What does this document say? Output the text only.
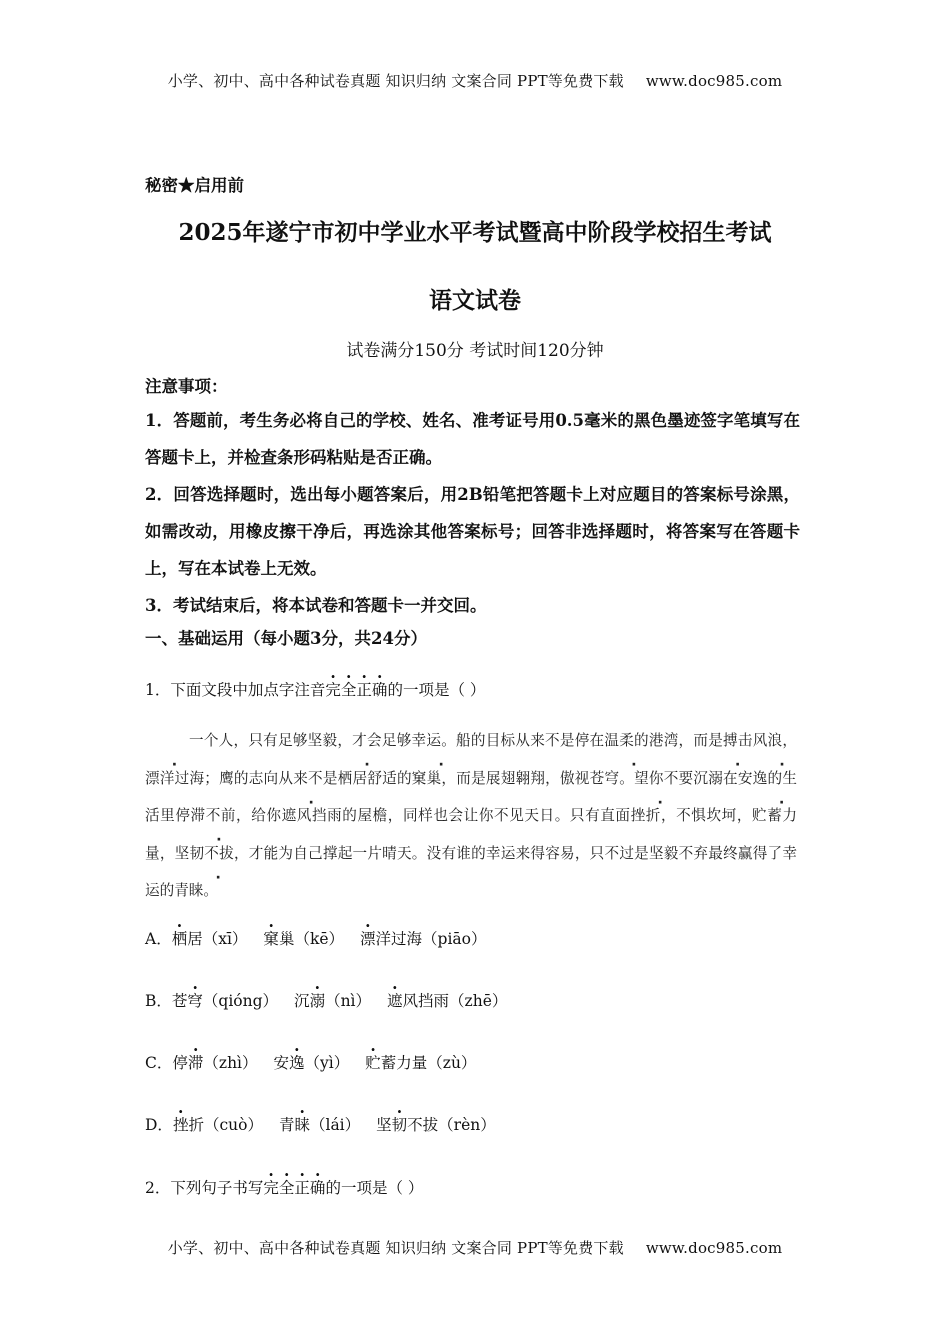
小学、初中、高中各种试卷真题 知识归纳 文案合同 PPT等免费下载 www.doc985.com
秘密★启用前
2025年遂宁市初中学业水平考试暨高中阶段学校招生考试
语文试卷
试卷满分150分 考试时间120分钟
注意事项：

1．答题前，考生务必将自己的学校、姓名、准考证号用0.5毫米的黑色墨迹签字笔填写在答题卡上，并检查条形码粘贴是否正确。

2．回答选择题时，选出每小题答案后，用2B铅笔把答题卡上对应题目的答案标号涂黑，如需改动，用橡皮擦干净后，再选涂其他答案标号；回答非选择题时，将答案写在答题卡上，写在本试卷上无效。

3．考试结束后，将本试卷和答题卡一并交回。

一、基础运用（每小题3分，共24分）
1．下面文段中加点字注音完全正确的一项是（ ）

一个人，只有足够坚毅，才会足够幸运。船的目标从来不是停在温柔的港湾，而是搏击风浪，漂洋过海；鹰的志向从来不是栖居舒适的窠巢，而是展翅翱翔，傲视苍穹。望你不要沉溺在安逸的生活里停滞不前，给你遮风挡雨的屋檐，同样也会让你不见天日。只有直面挫折，不惧坎坷，贮蓄力量，坚韧不拔，才能为自己撑起一片晴天。没有谁的幸运来得容易，只不过是坚毅不弃最终赢得了幸运的青睐。

A．栖居（xī） 窠巢（kē） 漂洋过海（piāo）
B．苍穹（qióng） 沉溺（nì） 遮风挡雨（zhē）
C．停滞（zhì） 安逸（yì） 贮蓄力量（zù）
D．挫折（cuò） 青睐（lái） 坚韧不拔（rèn）
2．下列句子书写完全正确的一项是（ ）
小学、初中、高中各种试卷真题 知识归纳 文案合同 PPT等免费下载 www.doc985.com
